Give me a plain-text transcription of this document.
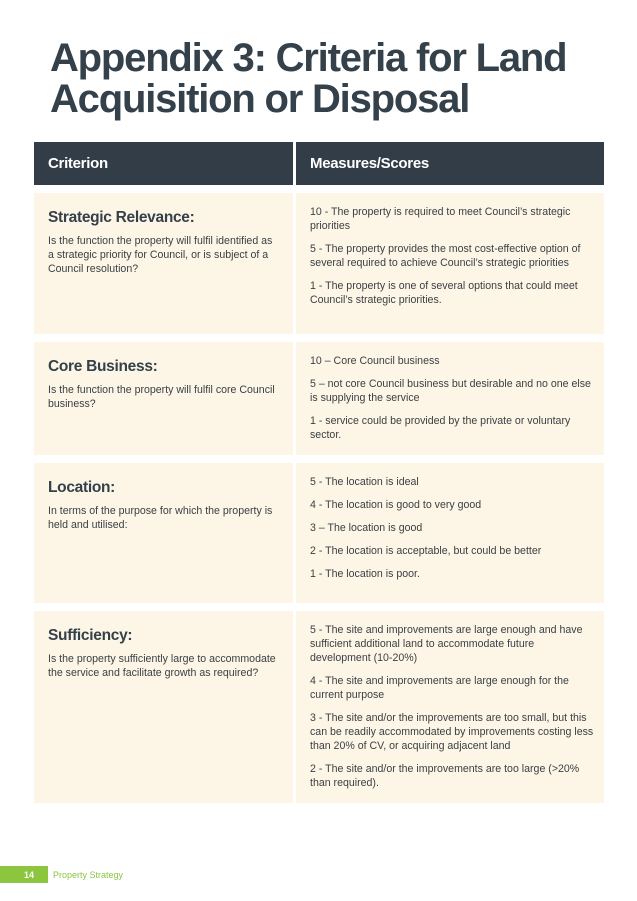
Appendix 3: Criteria for Land
Acquisition or Disposal
Criterion	Measures/Scores

Strategic Relevance:

Is the function the property will fulfil identified as a strategic priority for Council, or is subject of a Council resolution?

10 - The property is required to meet Council’s strategic priorities

5 - The property provides the most cost-effective option of several required to achieve Council’s strategic priorities

1 - The property is one of several options that could meet Council’s strategic priorities.

Core Business:

Is the function the property will fulfil core Council business?

10 – Core Council business

5 – not core Council business but desirable and no one else is supplying the service

1 - service could be provided by the private or voluntary sector.

Location:

In terms of the purpose for which the property is held and utilised:

5 - The location is ideal

4 - The location is good to very good

3 – The location is good

2 - The location is acceptable, but could be better

1 - The location is poor.

Sufficiency:

Is the property sufficiently large to accommodate the service and facilitate growth as required?

5 - The site and improvements are large enough and have sufficient additional land to accommodate future development (10-20%)

4 - The site and improvements are large enough for the current purpose

3 - The site and/or the improvements are too small, but this can be readily accommodated by improvements costing less than 20% of CV, or acquiring adjacent land

2 - The site and/or the improvements are too large (>20% than required).

14	Property Strategy
